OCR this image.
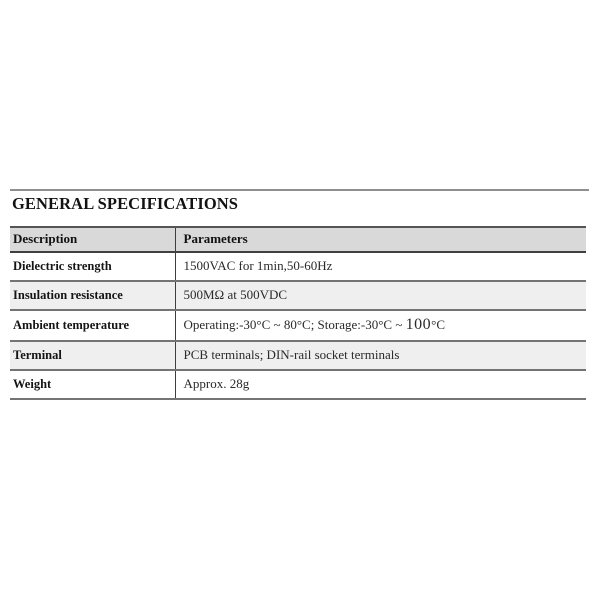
GENERAL SPECIFICATIONS
Description	Parameters
Dielectric strength	1500VAC for 1min,50-60Hz
Insulation resistance	500MΩ at 500VDC
Ambient temperature	Operating:-30°C ~ 80°C; Storage:-30°C ~ 100°C
Terminal	PCB terminals; DIN-rail socket terminals
Weight	Approx. 28g
